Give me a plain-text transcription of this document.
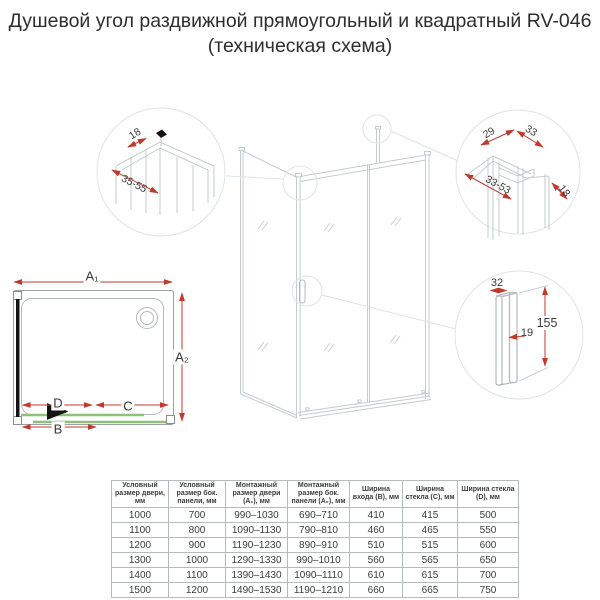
Душевой угол раздвижной прямоугольный и квадратный RV-046
(техническая схема)
A₁
A₂
D	C
B
18
35-55
29 33
33-53	18
32
19
155
Условный размер двери, мм	Условный размер бок. панели, мм	Монтажный размер двери (А₁), мм	Монтажный размер бок. панели (А₂), мм	Ширина входа (B), мм	Ширина стекла (C), мм	Ширина стекла (D), мм
1000	700	990–1030	690–710	410	415	500
1100	800	1090–1130	790–810	460	465	550
1200	900	1190–1230	890–910	510	515	600
1300	1000	1290–1330	990–1010	560	565	650
1400	1100	1390–1430	1090–1110	610	615	700
1500	1200	1490–1530	1190–1210	660	665	750
